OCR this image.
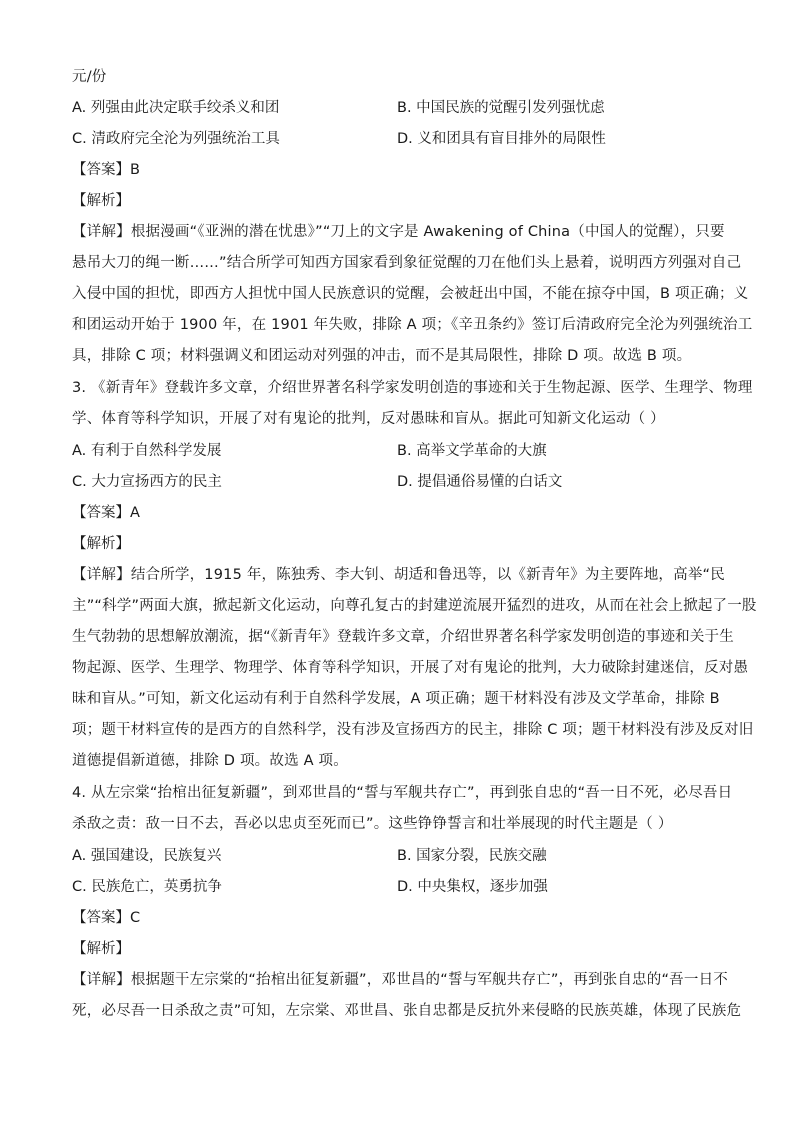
元/份
A. 列强由此决定联手绞杀义和团	B. 中国民族的觉醒引发列强忧虑
C. 清政府完全沦为列强统治工具	D. 义和团具有盲目排外的局限性
【答案】B
【解析】
【详解】根据漫画“《亚洲的潜在忧患》”“刀上的文字是 Awakening of China（中国人的觉醒），只要
悬吊大刀的绳一断……”结合所学可知西方国家看到象征觉醒的刀在他们头上悬着，说明西方列强对自己
入侵中国的担忧，即西方人担忧中国人民族意识的觉醒，会被赶出中国，不能在掠夺中国，B 项正确；义
和团运动开始于 1900 年，在 1901 年失败，排除 A 项；《辛丑条约》签订后清政府完全沦为列强统治工
具，排除 C 项；材料强调义和团运动对列强的冲击，而不是其局限性，排除 D 项。故选 B 项。
3. 《新青年》登载许多文章，介绍世界著名科学家发明创造的事迹和关于生物起源、医学、生理学、物理
学、体育等科学知识，开展了对有鬼论的批判，反对愚昧和盲从。据此可知新文化运动（ ）
A. 有利于自然科学发展	B. 高举文学革命的大旗
C. 大力宣扬西方的民主	D. 提倡通俗易懂的白话文
【答案】A
【解析】
【详解】结合所学，1915 年，陈独秀、李大钊、胡适和鲁迅等，以《新青年》为主要阵地，高举“民
主”“科学”两面大旗，掀起新文化运动，向尊孔复古的封建逆流展开猛烈的进攻，从而在社会上掀起了一股
生气勃勃的思想解放潮流，据“《新青年》登载许多文章，介绍世界著名科学家发明创造的事迹和关于生
物起源、医学、生理学、物理学、体育等科学知识，开展了对有鬼论的批判，大力破除封建迷信，反对愚
昧和盲从。”可知，新文化运动有利于自然科学发展，A 项正确；题干材料没有涉及文学革命，排除 B
项；题干材料宣传的是西方的自然科学，没有涉及宣扬西方的民主，排除 C 项；题干材料没有涉及反对旧
道德提倡新道德，排除 D 项。故选 A 项。
4. 从左宗棠“抬棺出征复新疆”，到邓世昌的“誓与军舰共存亡”，再到张自忠的“吾一日不死，必尽吾日
杀敌之责：敌一日不去，吾必以忠贞至死而已”。这些铮铮誓言和壮举展现的时代主题是（ ）
A. 强国建设，民族复兴	B. 国家分裂，民族交融
C. 民族危亡，英勇抗争	D. 中央集权，逐步加强
【答案】C
【解析】
【详解】根据题干左宗棠的“抬棺出征复新疆”，邓世昌的“誓与军舰共存亡”，再到张自忠的“吾一日不
死，必尽吾一日杀敌之责”可知，左宗棠、邓世昌、张自忠都是反抗外来侵略的民族英雄，体现了民族危
